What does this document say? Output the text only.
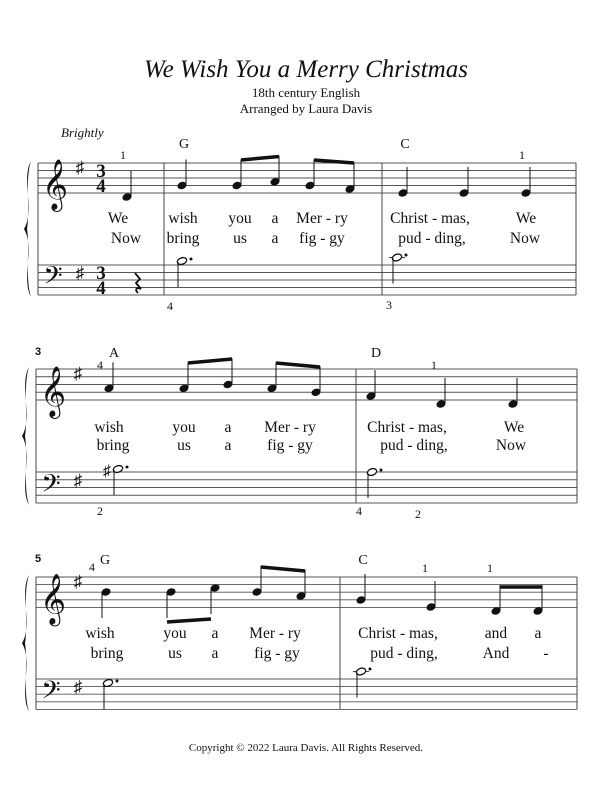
We Wish You a Merry Christmas
18th century English
Arranged by Laura Davis
Brightly
𝄞
𝄢
♯
♯
3
4
3
4
G	C
1	1
4	3
We	wish you a Mer - ry	Christ - mas,	We
Now bring us a fig - gy	pud - ding,	Now
𝄞
𝄢
♯
♯
3	A	D
4	1
2	4	2
wish	you a Mer - ry	Christ - mas,	We
bring	us a fig - gy	pud - ding,	Now
♯
𝄞
𝄢
♯
♯
5	G	C
4	1	1
wish	you a Mer - ry	Christ - mas,	and a
bring	us a fig - gy	pud - ding,	And -
Copyright © 2022 Laura Davis. All Rights Reserved.
